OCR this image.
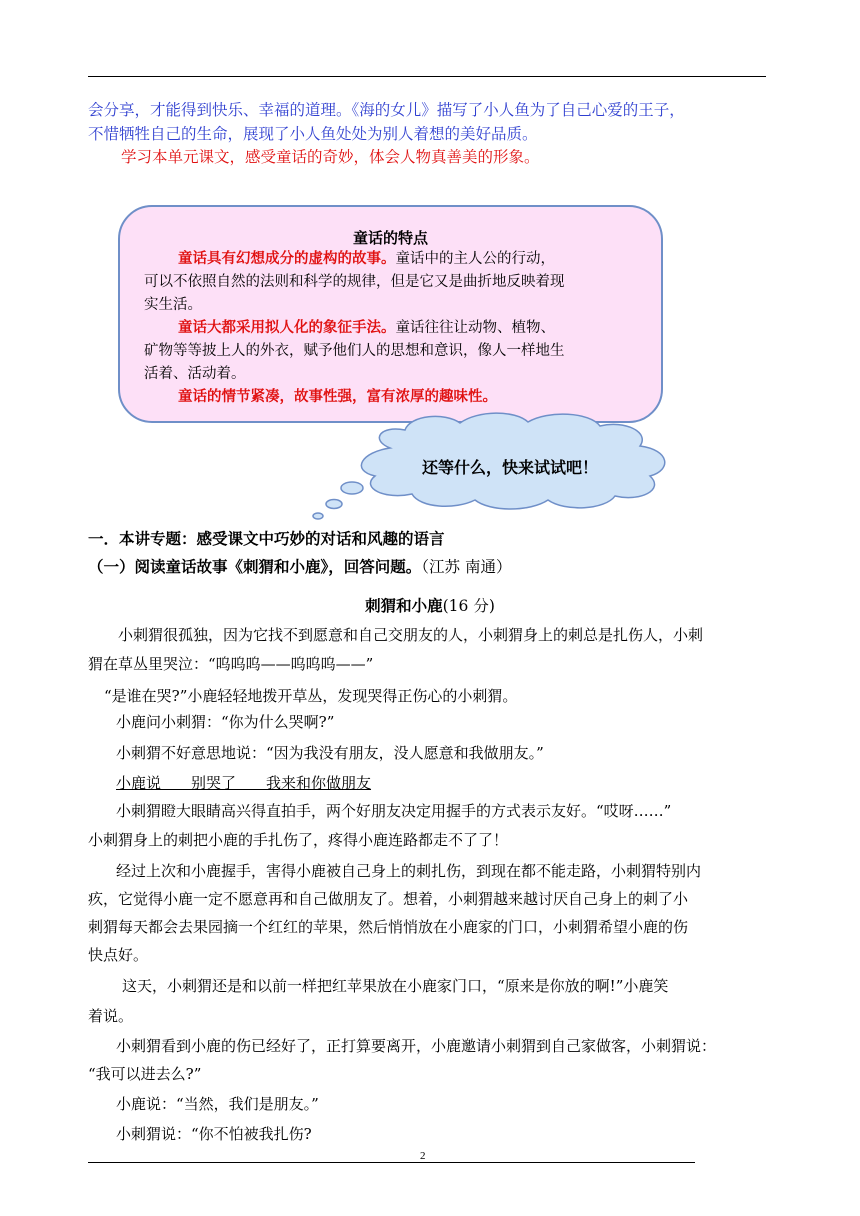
会分享，才能得到快乐、幸福的道理。《海的女儿》描写了小人鱼为了自己心爱的王子，
不惜牺牲自己的生命，展现了小人鱼处处为别人着想的美好品质。
学习本单元课文，感受童话的奇妙，体会人物真善美的形象。
童话的特点
童话具有幻想成分的虚构的故事。童话中的主人公的行动，
可以不依照自然的法则和科学的规律，但是它又是曲折地反映着现
实生活。
童话大都采用拟人化的象征手法。童话往往让动物、植物、
矿物等等披上人的外衣，赋予他们人的思想和意识，像人一样地生
活着、活动着。
童话的情节紧凑，故事性强，富有浓厚的趣味性。
还等什么，快来试试吧！
一．本讲专题：感受课文中巧妙的对话和风趣的语言
（一）阅读童话故事《刺猬和小鹿》，回答问题。（江苏 南通）
刺猬和小鹿(16 分)
小刺猬很孤独，因为它找不到愿意和自己交朋友的人，小刺猬身上的刺总是扎伤人，小刺
猬在草丛里哭泣：“呜呜呜——呜呜呜——”
“是谁在哭?”小鹿轻轻地拨开草丛，发现哭得正伤心的小刺猬。
小鹿问小刺猬：“你为什么哭啊?”
小刺猬不好意思地说：“因为我没有朋友，没人愿意和我做朋友。”
小鹿说　　别哭了　　我来和你做朋友
小刺猬瞪大眼睛高兴得直拍手，两个好朋友决定用握手的方式表示友好。“哎呀……”
小刺猬身上的刺把小鹿的手扎伤了，疼得小鹿连路都走不了了！
经过上次和小鹿握手，害得小鹿被自己身上的刺扎伤，到现在都不能走路，小刺猬特别内
疚，它觉得小鹿一定不愿意再和自己做朋友了。想着，小刺猬越来越讨厌自己身上的刺了小
刺猬每天都会去果园摘一个红红的苹果，然后悄悄放在小鹿家的门口，小刺猬希望小鹿的伤
快点好。
这天，小刺猬还是和以前一样把红苹果放在小鹿家门口，“原来是你放的啊!”小鹿笑
着说。
小刺猬看到小鹿的伤已经好了，正打算要离开，小鹿邀请小刺猬到自己家做客，小刺猬说：
“我可以进去么?”
小鹿说：“当然，我们是朋友。”
小刺猬说：“你不怕被我扎伤?
2
